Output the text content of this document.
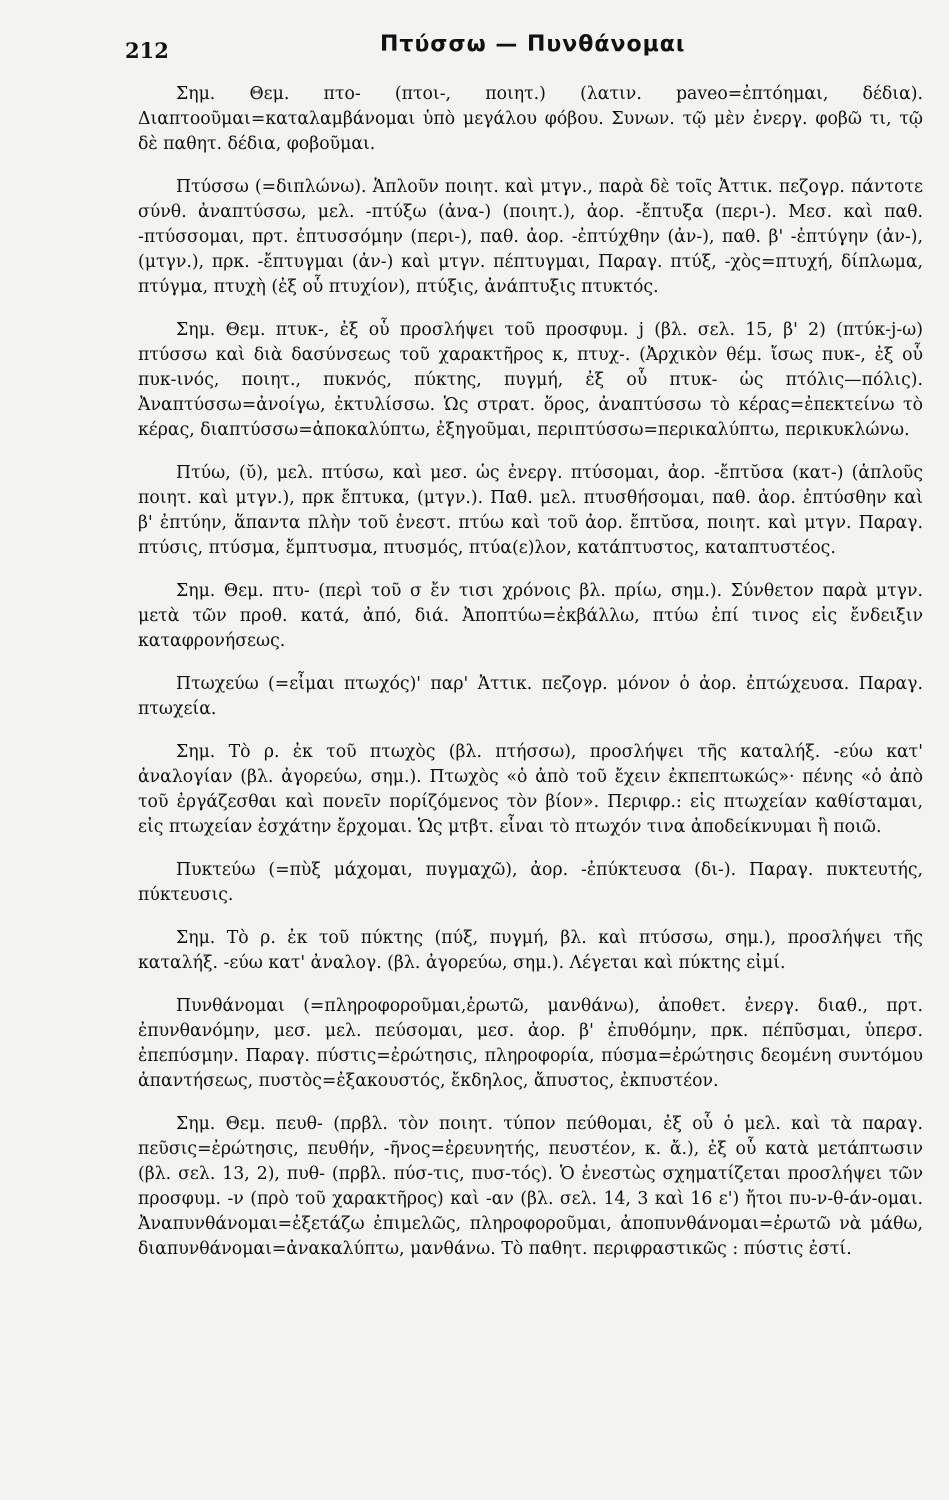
212	Πτύσσω — Πυνθάνομαι

Σημ. Θεμ. πτο- (πτοι-, ποιητ.) (λατιν. paveo=ἐπτόημαι, δέδια). Διαπτοοῦμαι=καταλαμβάνομαι ὑπὸ μεγάλου φόβου. Συνων. τῷ μὲν ἐνεργ. φοβῶ τι, τῷ δὲ παθητ. δέδια, φοβοῦμαι.

Πτύσσω (=διπλώνω). Ἁπλοῦν ποιητ. καὶ μτγν., παρὰ δὲ τοῖς Ἀττικ. πεζογρ. πάντοτε σύνθ. ἀναπτύσσω, μελ. -πτύξω (ἀνα-) (ποιητ.), ἀορ. -ἔπτυξα (περι-). Μεσ. καὶ παθ. -πτύσσομαι, πρτ. ἐπτυσσόμην (περι-), παθ. ἀορ. -ἐπτύχθην (ἀν-), παθ. β' -ἐπτύγην (ἀν-), (μτγν.), πρκ. -ἔπτυγμαι (ἀν-) καὶ μτγν. πέπτυγμαι, Παραγ. πτύξ, -χὸς=πτυχή, δίπλωμα, πτύγμα, πτυχὴ (ἐξ οὗ πτυχίον), πτύξις, ἀνάπτυξις πτυκτός.

Σημ. Θεμ. πτυκ-, ἐξ οὗ προσλήψει τοῦ προσφυμ. j (βλ. σελ. 15, β' 2) (πτύκ-j-ω) πτύσσω καὶ διὰ δασύνσεως τοῦ χαρακτῆρος κ, πτυχ-. (Ἀρχικὸν θέμ. ἴσως πυκ-, ἐξ οὗ πυκ-ινός, ποιητ., πυκνός, πύκτης, πυγμή, ἐξ οὗ πτυκ- ὡς πτόλις—πόλις). Ἀναπτύσσω=ἀνοίγω, ἐκτυλίσσω. Ὡς στρατ. ὅρος, ἀναπτύσσω τὸ κέρας=ἐπεκτείνω τὸ κέρας, διαπτύσσω=ἀποκαλύπτω, ἐξηγοῦμαι, περιπτύσσω=περικαλύπτω, περικυκλώνω.

Πτύω, (ῠ), μελ. πτύσω, καὶ μεσ. ὡς ἐνεργ. πτύσομαι, ἀορ. -ἔπτῠσα (κατ-) (ἁπλοῦς ποιητ. καὶ μτγν.), πρκ ἔπτυκα, (μτγν.). Παθ. μελ. πτυσθήσομαι, παθ. ἀορ. ἐπτύσθην καὶ β' ἐπτύην, ἅπαντα πλὴν τοῦ ἐνεστ. πτύω καὶ τοῦ ἀορ. ἔπτῠσα, ποιητ. καὶ μτγν. Παραγ. πτύσις, πτύσμα, ἔμπτυσμα, πτυσμός, πτύα(ε)λον, κατάπτυστος, καταπτυστέος.

Σημ. Θεμ. πτυ- (περὶ τοῦ σ ἔν τισι χρόνοις βλ. πρίω, σημ.). Σύνθετον παρὰ μτγν. μετὰ τῶν προθ. κατά, ἀπό, διά. Ἀποπτύω=ἐκβάλλω, πτύω ἐπί τινος εἰς ἔνδειξιν καταφρονήσεως.

Πτωχεύω (=εἶμαι πτωχός)' παρ' Ἀττικ. πεζογρ. μόνον ὁ ἀορ. ἐπτώχευσα. Παραγ. πτωχεία.

Σημ. Τὸ ρ. ἐκ τοῦ πτωχὸς (βλ. πτήσσω), προσλήψει τῆς καταλήξ. -εύω κατ' ἀναλογίαν (βλ. ἀγορεύω, σημ.). Πτωχὸς «ὁ ἀπὸ τοῦ ἔχειν ἐκπεπτωκώς»· πένης «ὁ ἀπὸ τοῦ ἐργάζεσθαι καὶ πονεῖν πορίζόμενος τὸν βίον». Περιφρ.: εἰς πτωχείαν καθίσταμαι, εἰς πτωχείαν ἐσχάτην ἔρχομαι. Ὡς μτβτ. εἶναι τὸ πτωχόν τινα ἀποδείκνυμαι ἢ ποιῶ.

Πυκτεύω (=πὺξ μάχομαι, πυγμαχῶ), ἀορ. -ἐπύκτευσα (δι-). Παραγ. πυκτευτής, πύκτευσις.

Σημ. Τὸ ρ. ἐκ τοῦ πύκτης (πύξ, πυγμή, βλ. καὶ πτύσσω, σημ.), προσλήψει τῆς καταλήξ. -εύω κατ' ἀναλογ. (βλ. ἀγορεύω, σημ.). Λέγεται καὶ πύκτης εἰμί.

Πυνθάνομαι (=πληροφοροῦμαι,ἐρωτῶ, μανθάνω), ἀποθετ. ἐνεργ. διαθ., πρτ. ἐπυνθανόμην, μεσ. μελ. πεύσομαι, μεσ. ἀορ. β' ἐπυθόμην, πρκ. πέπῦσμαι, ὑπερσ. ἐπεπύσμην. Παραγ. πύστις=ἐρώτησις, πληροφορία, πύσμα=ἐρώτησις δεομένη συντόμου ἀπαντήσεως, πυστὸς=ἐξακουστός, ἔκδηλος, ἄπυστος, ἐκπυστέον.

Σημ. Θεμ. πευθ- (πρβλ. τὸν ποιητ. τύπον πεύθομαι, ἐξ οὗ ὁ μελ. καὶ τὰ παραγ. πεῦσις=ἐρώτησις, πευθήν, -ῆνος=ἐρευνητής, πευστέον, κ. ἄ.), ἐξ οὗ κατὰ μετάπτωσιν (βλ. σελ. 13, 2), πυθ- (πρβλ. πύσ-τις, πυσ-τός). Ὁ ἐνεστὼς σχηματίζεται προσλήψει τῶν προσφυμ. -ν (πρὸ τοῦ χαρακτῆρος) καὶ -αν (βλ. σελ. 14, 3 καὶ 16 ε') ἤτοι πυ-ν-θ-άν-ομαι. Ἀναπυνθάνομαι=ἐξετάζω ἐπιμελῶς, πληροφοροῦμαι, ἀποπυνθάνομαι=ἐρωτῶ νὰ μάθω, διαπυνθάνομαι=ἀνακαλύπτω, μανθάνω. Τὸ παθητ. περιφραστικῶς : πύστις ἐστί.
